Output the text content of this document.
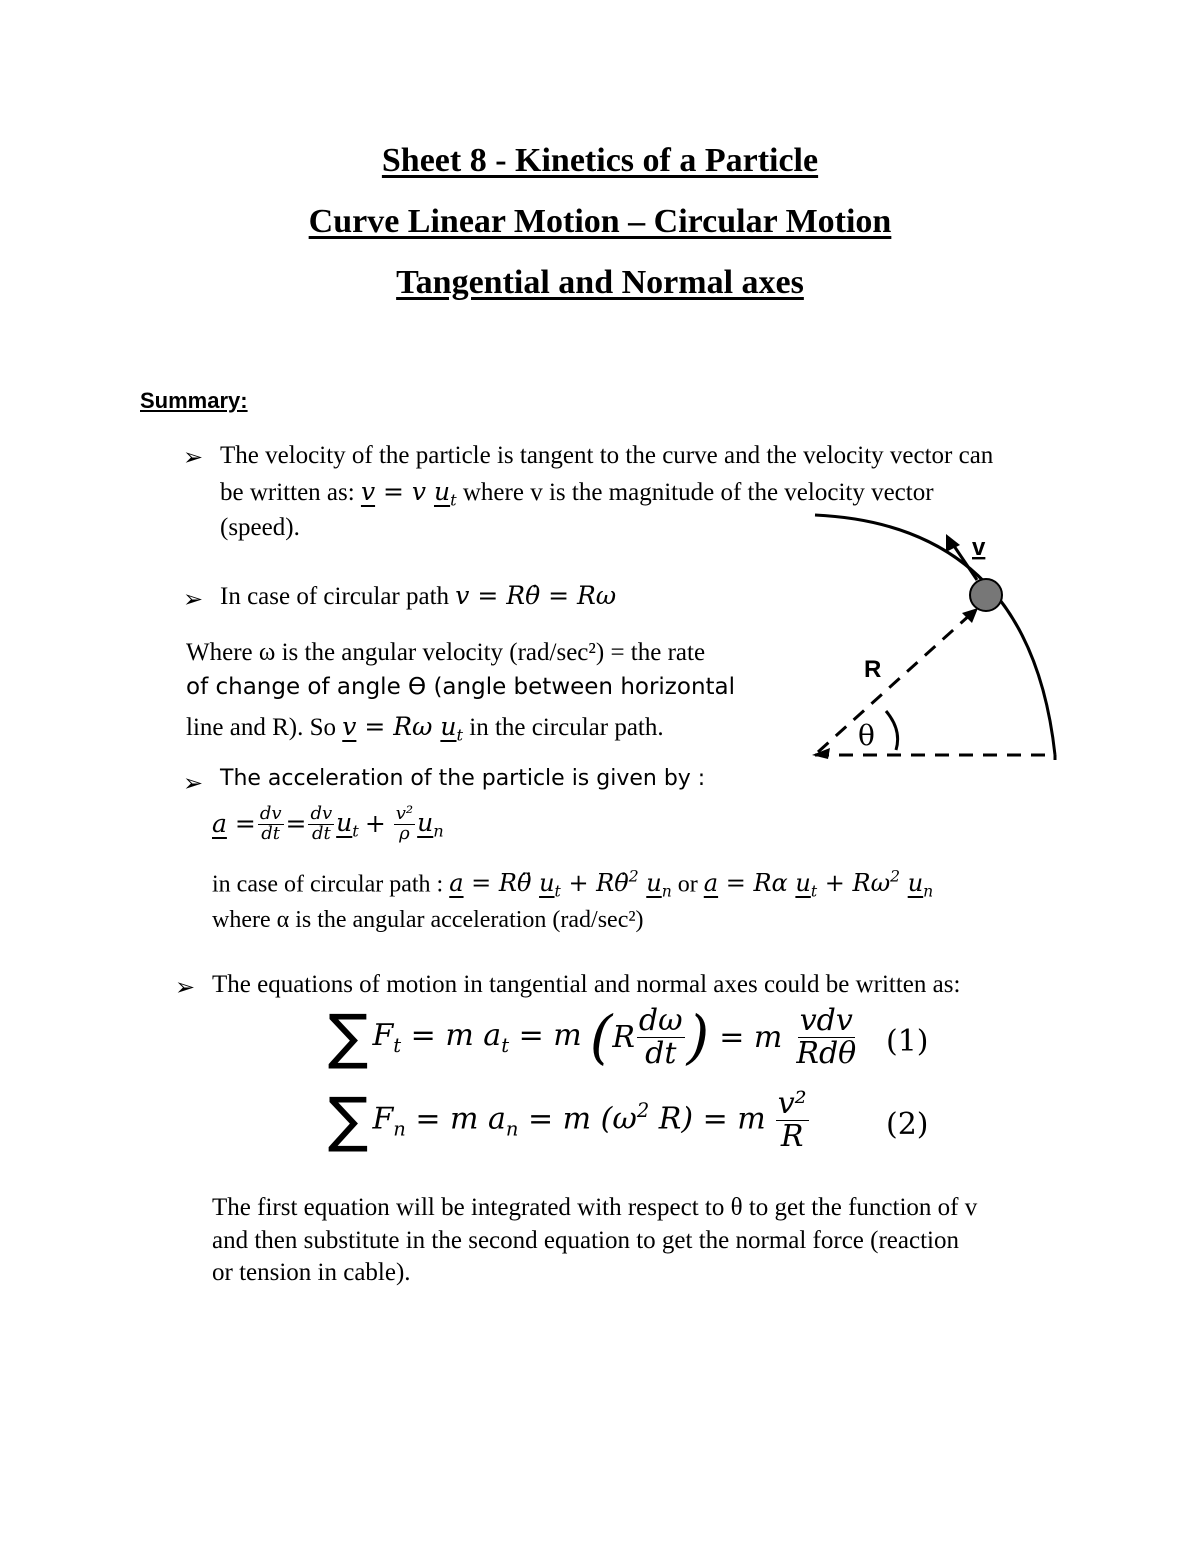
Sheet 8 - Kinetics of a Particle
Curve Linear Motion – Circular Motion
Tangential and Normal axes
Summary:
➢ The velocity of the particle is tangent to the curve and the velocity vector can
be written as: v = v $u_t$ where v is the magnitude of the velocity vector
(speed).
➢ In case of circular path v = Rθ̇ = Rω
Where ω is the angular velocity (rad/sec²) = the rate
of change of angle ϴ (angle between horizontal
line and R). So v = Rω $u_t$ in the circular path.
v
R
θ
➢ The acceleration of the particle is given by :
$a = \frac{dv}{dt} = \frac{dv}{dt} u_t + \frac{\text{v²}}{\rho} u_n$
in case of circular path : a = Rθ̈ $u_t$ + Rθ̇$^2$ $u_n$ or a = Rα $u_t + R\omega^2$ $u_n$
where α is the angular acceleration (rad/sec²)
➢ The equations of motion in tangential and normal axes could be written as:
∑ $F_t = m$ $a_t = m$ ( R $\frac{d\omega}{dt}$ ) = m $\frac{\text{vdv}}{\text{Rdθ}} (1)$
∑ $F_n = m$ $a_n = m$ ($\omega^2$ R) = m $\frac{\text{v²}}{R}$	(2)
The first equation will be integrated with respect to θ to get the function of v
and then substitute in the second equation to get the normal force (reaction
or tension in cable).
